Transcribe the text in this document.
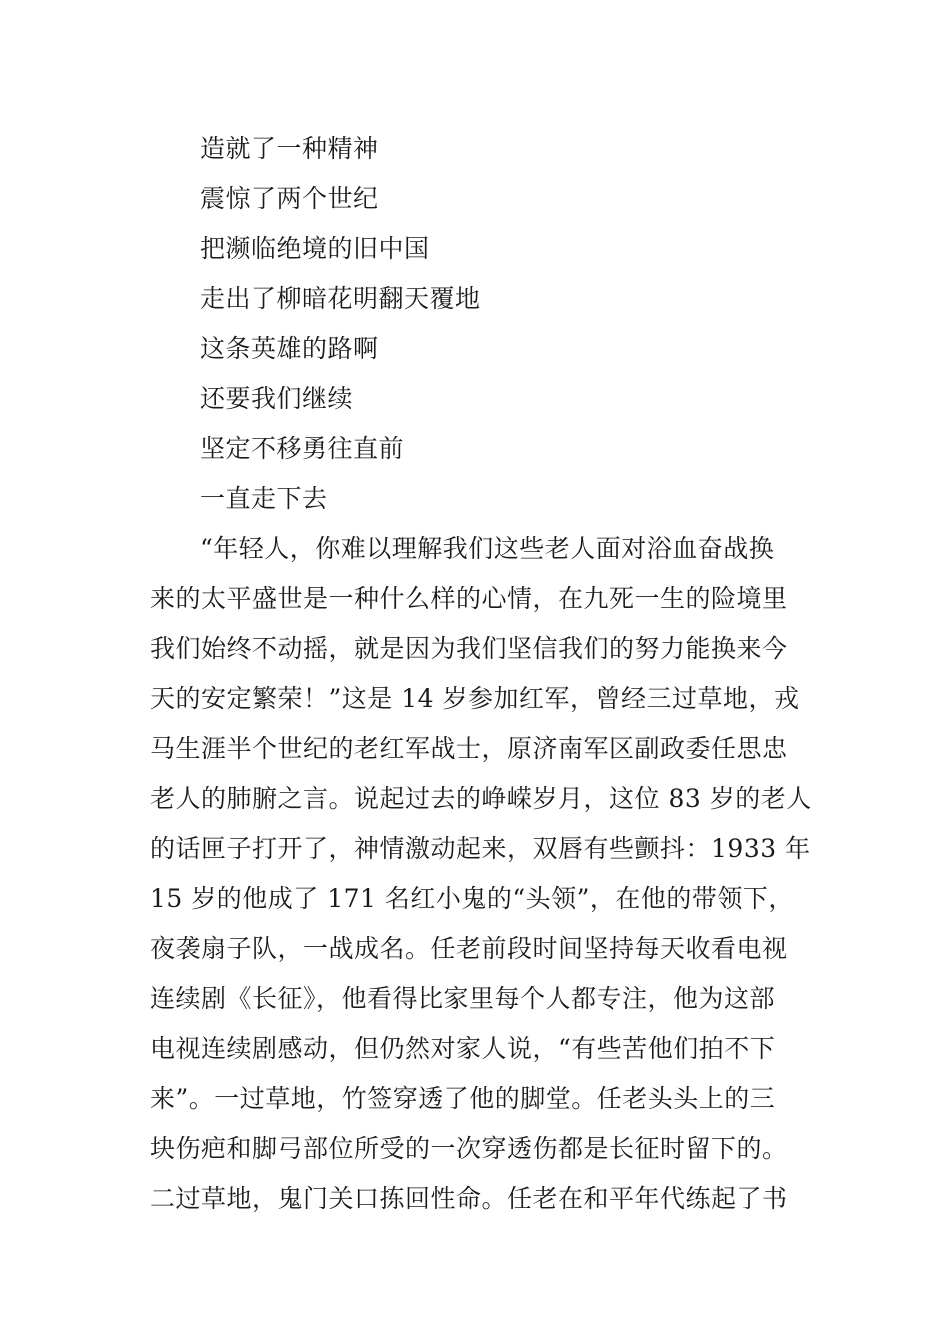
造就了一种精神
震惊了两个世纪
把濒临绝境的旧中国
走出了柳暗花明翻天覆地
这条英雄的路啊
还要我们继续
坚定不移勇往直前
一直走下去
“年轻人，你难以理解我们这些老人面对浴血奋战换
来的太平盛世是一种什么样的心情，在九死一生的险境里
我们始终不动摇，就是因为我们坚信我们的努力能换来今
天的安定繁荣！”这是 14 岁参加红军，曾经三过草地，戎
马生涯半个世纪的老红军战士，原济南军区副政委任思忠
老人的肺腑之言。说起过去的峥嵘岁月，这位 83 岁的老人
的话匣子打开了，神情激动起来，双唇有些颤抖：1933 年
15 岁的他成了 171 名红小鬼的“头领”，在他的带领下，
夜袭扇子队，一战成名。任老前段时间坚持每天收看电视
连续剧《长征》，他看得比家里每个人都专注，他为这部
电视连续剧感动，但仍然对家人说，“有些苦他们拍不下
来”。一过草地，竹签穿透了他的脚堂。任老头头上的三
块伤疤和脚弓部位所受的一次穿透伤都是长征时留下的。
二过草地，鬼门关口拣回性命。任老在和平年代练起了书
